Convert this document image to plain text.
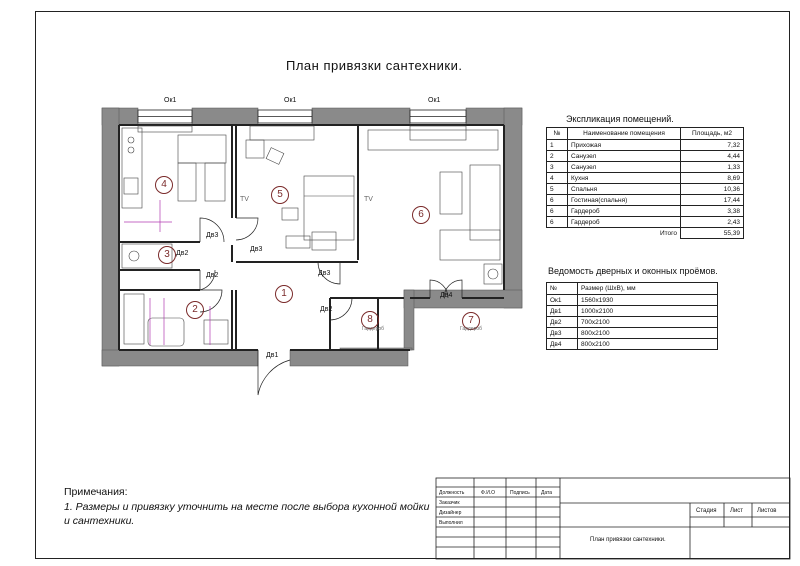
План привязки сантехники.
Ок1	Ок1	Ок1
1
2
3
4
5
6
7
8
Дв1
Дв2
Дв2
Дв2
Дв3
Дв3
Дв3
Дв4
TV	TV
Гардероб	Гардероб
Экспликация помещений.
№	Наименование помещения	Площадь, м2
1	Прихожая	7,32
2	Санузел	4,44
3	Санузел	1,33
4	Кухня	8,69
5	Спальня	10,36
6	Гостиная(спальня)	17,44
6	Гардероб	3,38
6	Гардероб	2,43
Итого		55,39
Ведомость дверных и оконных проёмов.
№	Размер (ШхВ), мм
Ок1	1560x1930
Дв1	1000x2100
Дв2	700x2100
Дв3	800x2100
Дв4	800x2100
Примечания:
1. Размеры и привязку уточнить на месте после выбора кухонной мойки и сантехники.
Должность	Ф.И.О	Подпись Дата
Заказчик
Дизайнер
Выполнил
Стадия Лист Листов
План привязки сантехники.
